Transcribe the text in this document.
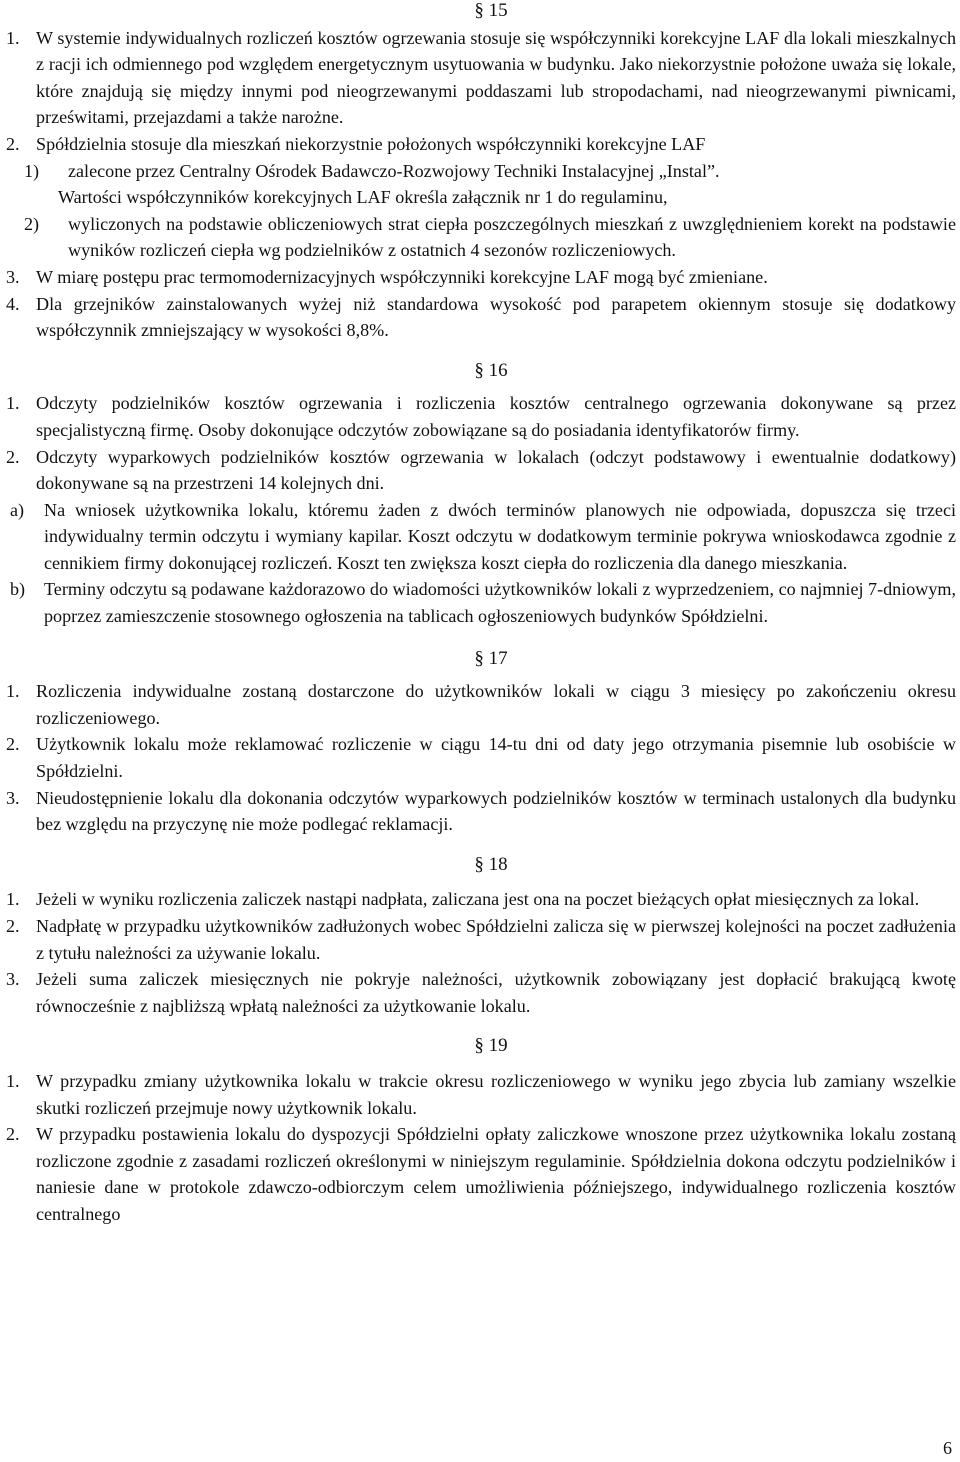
§ 15

1. W systemie indywidualnych rozliczeń kosztów ogrzewania stosuje się współczynniki korekcyjne LAF dla lokali mieszkalnych z racji ich odmiennego pod względem energetycznym usytuowania w budynku. Jako niekorzystnie położone uważa się lokale, które znajdują się między innymi pod nieogrzewanymi poddaszami lub stropodachami, nad nieogrzewanymi piwnicami, prześwitami, przejazdami a także narożne.
2. Spółdzielnia stosuje dla mieszkań niekorzystnie położonych współczynniki korekcyjne LAF
1) zalecone przez Centralny Ośrodek Badawczo-Rozwojowy Techniki Instalacyjnej „Instal”.
Wartości współczynników korekcyjnych LAF określa załącznik nr 1 do regulaminu,
2) wyliczonych na podstawie obliczeniowych strat ciepła poszczególnych mieszkań z uwzględnieniem korekt na podstawie wyników rozliczeń ciepła wg podzielników z ostatnich 4 sezonów rozliczeniowych.
3. W miarę postępu prac termomodernizacyjnych współczynniki korekcyjne LAF mogą być zmieniane.
4. Dla grzejników zainstalowanych wyżej niż standardowa wysokość pod parapetem okiennym stosuje się dodatkowy współczynnik zmniejszający w wysokości 8,8%.

§ 16

1. Odczyty podzielników kosztów ogrzewania i rozliczenia kosztów centralnego ogrzewania dokonywane są przez specjalistyczną firmę. Osoby dokonujące odczytów zobowiązane są do posiadania identyfikatorów firmy.
2. Odczyty wyparkowych podzielników kosztów ogrzewania w lokalach (odczyt podstawowy i ewentualnie dodatkowy) dokonywane są na przestrzeni 14 kolejnych dni.
a) Na wniosek użytkownika lokalu, któremu żaden z dwóch terminów planowych nie odpowiada, dopuszcza się trzeci indywidualny termin odczytu i wymiany kapilar. Koszt odczytu w dodatkowym terminie pokrywa wnioskodawca zgodnie z cennikiem firmy dokonującej rozliczeń. Koszt ten zwiększa koszt ciepła do rozliczenia dla danego mieszkania.
b) Terminy odczytu są podawane każdorazowo do wiadomości użytkowników lokali z wyprzedzeniem, co najmniej 7-dniowym, poprzez zamieszczenie stosownego ogłoszenia na tablicach ogłoszeniowych budynków Spółdzielni.

§ 17

1. Rozliczenia indywidualne zostaną dostarczone do użytkowników lokali w ciągu 3 miesięcy po zakończeniu okresu rozliczeniowego.
2. Użytkownik lokalu może reklamować rozliczenie w ciągu 14-tu dni od daty jego otrzymania pisemnie lub osobiście w Spółdzielni.
3. Nieudostępnienie lokalu dla dokonania odczytów wyparkowych podzielników kosztów w terminach ustalonych dla budynku bez względu na przyczynę nie może podlegać reklamacji.

§ 18

1. Jeżeli w wyniku rozliczenia zaliczek nastąpi nadpłata, zaliczana jest ona na poczet bieżących opłat miesięcznych za lokal.
2. Nadpłatę w przypadku użytkowników zadłużonych wobec Spółdzielni zalicza się w pierwszej kolejności na poczet zadłużenia z tytułu należności za używanie lokalu.
3. Jeżeli suma zaliczek miesięcznych nie pokryje należności, użytkownik zobowiązany jest dopłacić brakującą kwotę równocześnie z najbliższą wpłatą należności za użytkowanie lokalu.

§ 19

1. W przypadku zmiany użytkownika lokalu w trakcie okresu rozliczeniowego w wyniku jego zbycia lub zamiany wszelkie skutki rozliczeń przejmuje nowy użytkownik lokalu.
2. W przypadku postawienia lokalu do dyspozycji Spółdzielni opłaty zaliczkowe wnoszone przez użytkownika lokalu zostaną rozliczone zgodnie z zasadami rozliczeń określonymi w niniejszym regulaminie. Spółdzielnia dokona odczytu podzielników i naniesie dane w protokole zdawczo-odbiorczym celem umożliwienia późniejszego, indywidualnego rozliczenia kosztów centralnego
6
